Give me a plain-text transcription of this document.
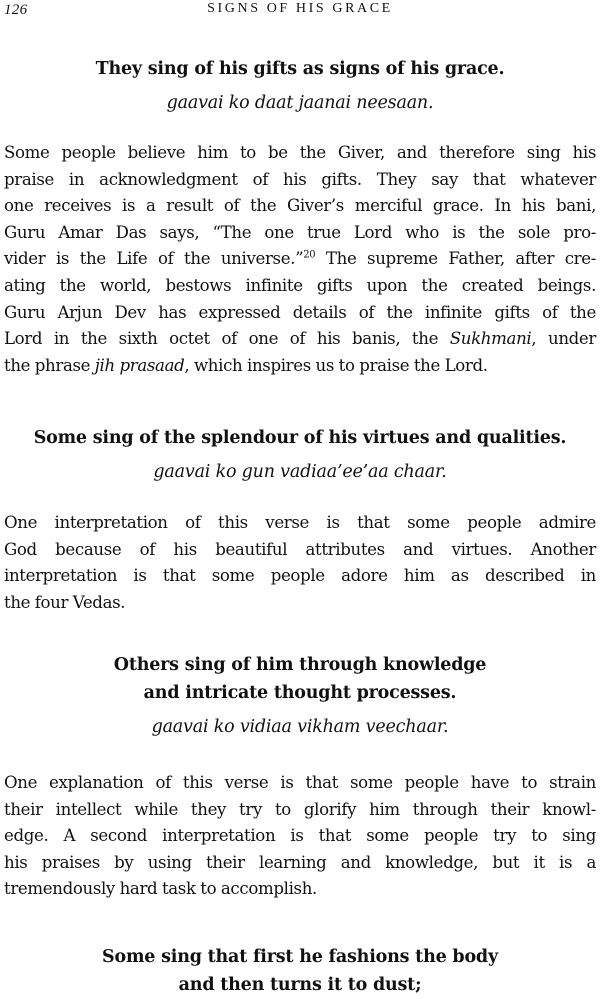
126	SIGNS OF HIS GRACE
They sing of his gifts as signs of his grace.
gaavai ko daat jaanai neesaan.
Some people believe him to be the Giver, and therefore sing his
praise in acknowledgment of his gifts. They say that whatever
one receives is a result of the Giver’s merciful grace. In his bani,
Guru Amar Das says, “The one true Lord who is the sole pro-
vider is the Life of the universe.”$^{20}$ The supreme Father, after cre-
ating the world, bestows infinite gifts upon the created beings.
Guru Arjun Dev has expressed details of the infinite gifts of the
Lord in the sixth octet of one of his banis, the Sukhmani, under
the phrase jih prasaad, which inspires us to praise the Lord.
Some sing of the splendour of his virtues and qualities.
gaavai ko gun vadiaa’ee’aa chaar.
One interpretation of this verse is that some people admire
God because of his beautiful attributes and virtues. Another
interpretation is that some people adore him as described in
the four Vedas.
Others sing of him through knowledge
and intricate thought processes.
gaavai ko vidiaa vikham veechaar.
One explanation of this verse is that some people have to strain
their intellect while they try to glorify him through their knowl-
edge. A second interpretation is that some people try to sing
his praises by using their learning and knowledge, but it is a
tremendously hard task to accomplish.
Some sing that first he fashions the body
and then turns it to dust;
